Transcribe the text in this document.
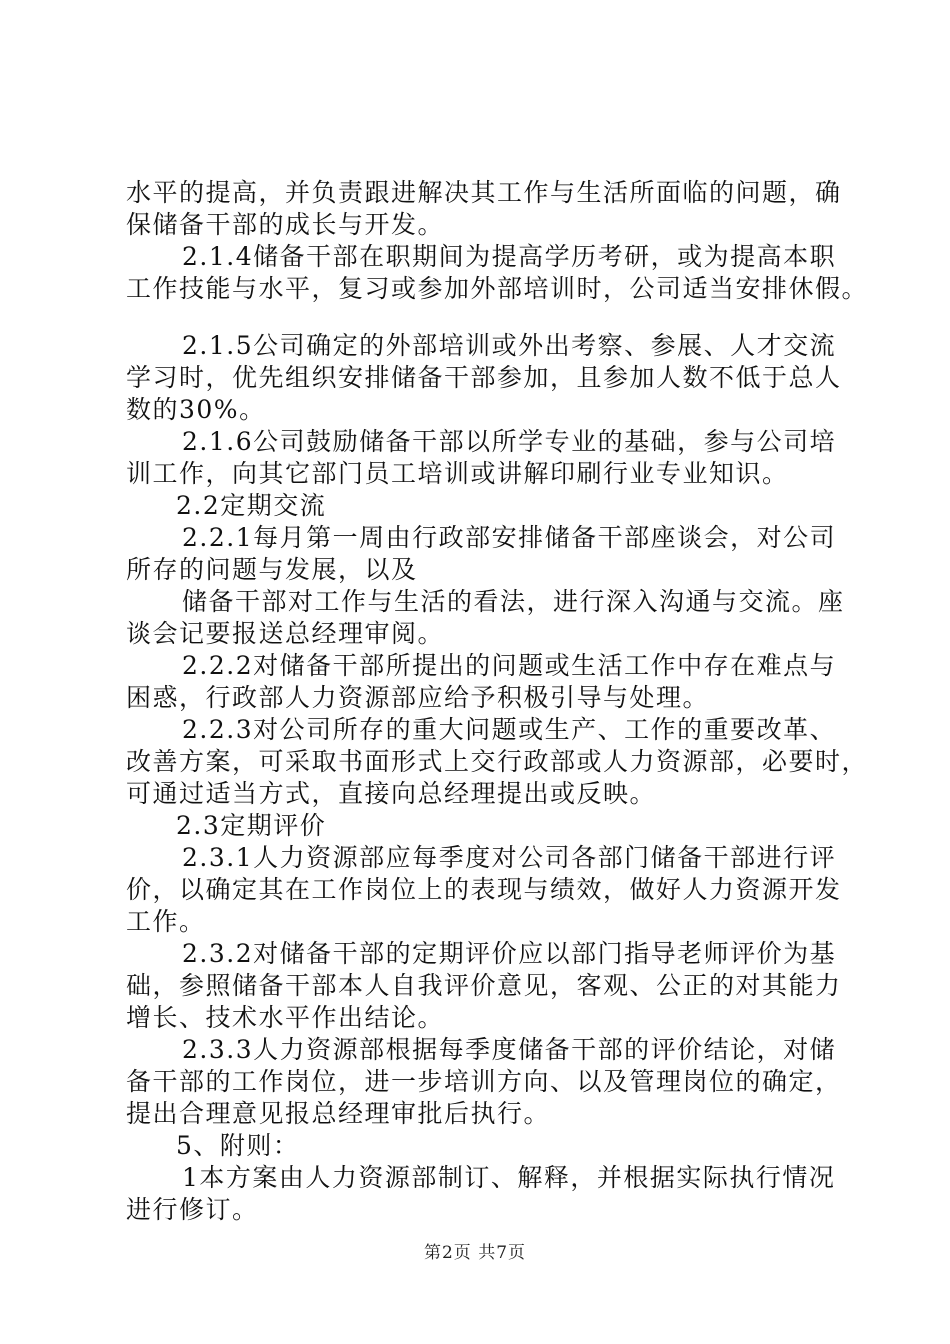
水平的提高，并负责跟进解决其工作与生活所面临的问题，确
保储备干部的成长与开发。
2.1.4储备干部在职期间为提高学历考研，或为提高本职
工作技能与水平，复习或参加外部培训时，公司适当安排休假。
2.1.5公司确定的外部培训或外出考察、参展、人才交流
学习时，优先组织安排储备干部参加，且参加人数不低于总人
数的30%。
2.1.6公司鼓励储备干部以所学专业的基础，参与公司培
训工作，向其它部门员工培训或讲解印刷行业专业知识。
2.2定期交流
2.2.1每月第一周由行政部安排储备干部座谈会，对公司
所存的问题与发展，以及
储备干部对工作与生活的看法，进行深入沟通与交流。座
谈会记要报送总经理审阅。
2.2.2对储备干部所提出的问题或生活工作中存在难点与
困惑，行政部人力资源部应给予积极引导与处理。
2.2.3对公司所存的重大问题或生产、工作的重要改革、
改善方案，可采取书面形式上交行政部或人力资源部，必要时，
可通过适当方式，直接向总经理提出或反映。
2.3定期评价
2.3.1人力资源部应每季度对公司各部门储备干部进行评
价，以确定其在工作岗位上的表现与绩效，做好人力资源开发
工作。
2.3.2对储备干部的定期评价应以部门指导老师评价为基
础，参照储备干部本人自我评价意见，客观、公正的对其能力
增长、技术水平作出结论。
2.3.3人力资源部根据每季度储备干部的评价结论，对储
备干部的工作岗位，进一步培训方向、以及管理岗位的确定，
提出合理意见报总经理审批后执行。
5、附则：
1本方案由人力资源部制订、解释，并根据实际执行情况
进行修订。
第2页 共7页
